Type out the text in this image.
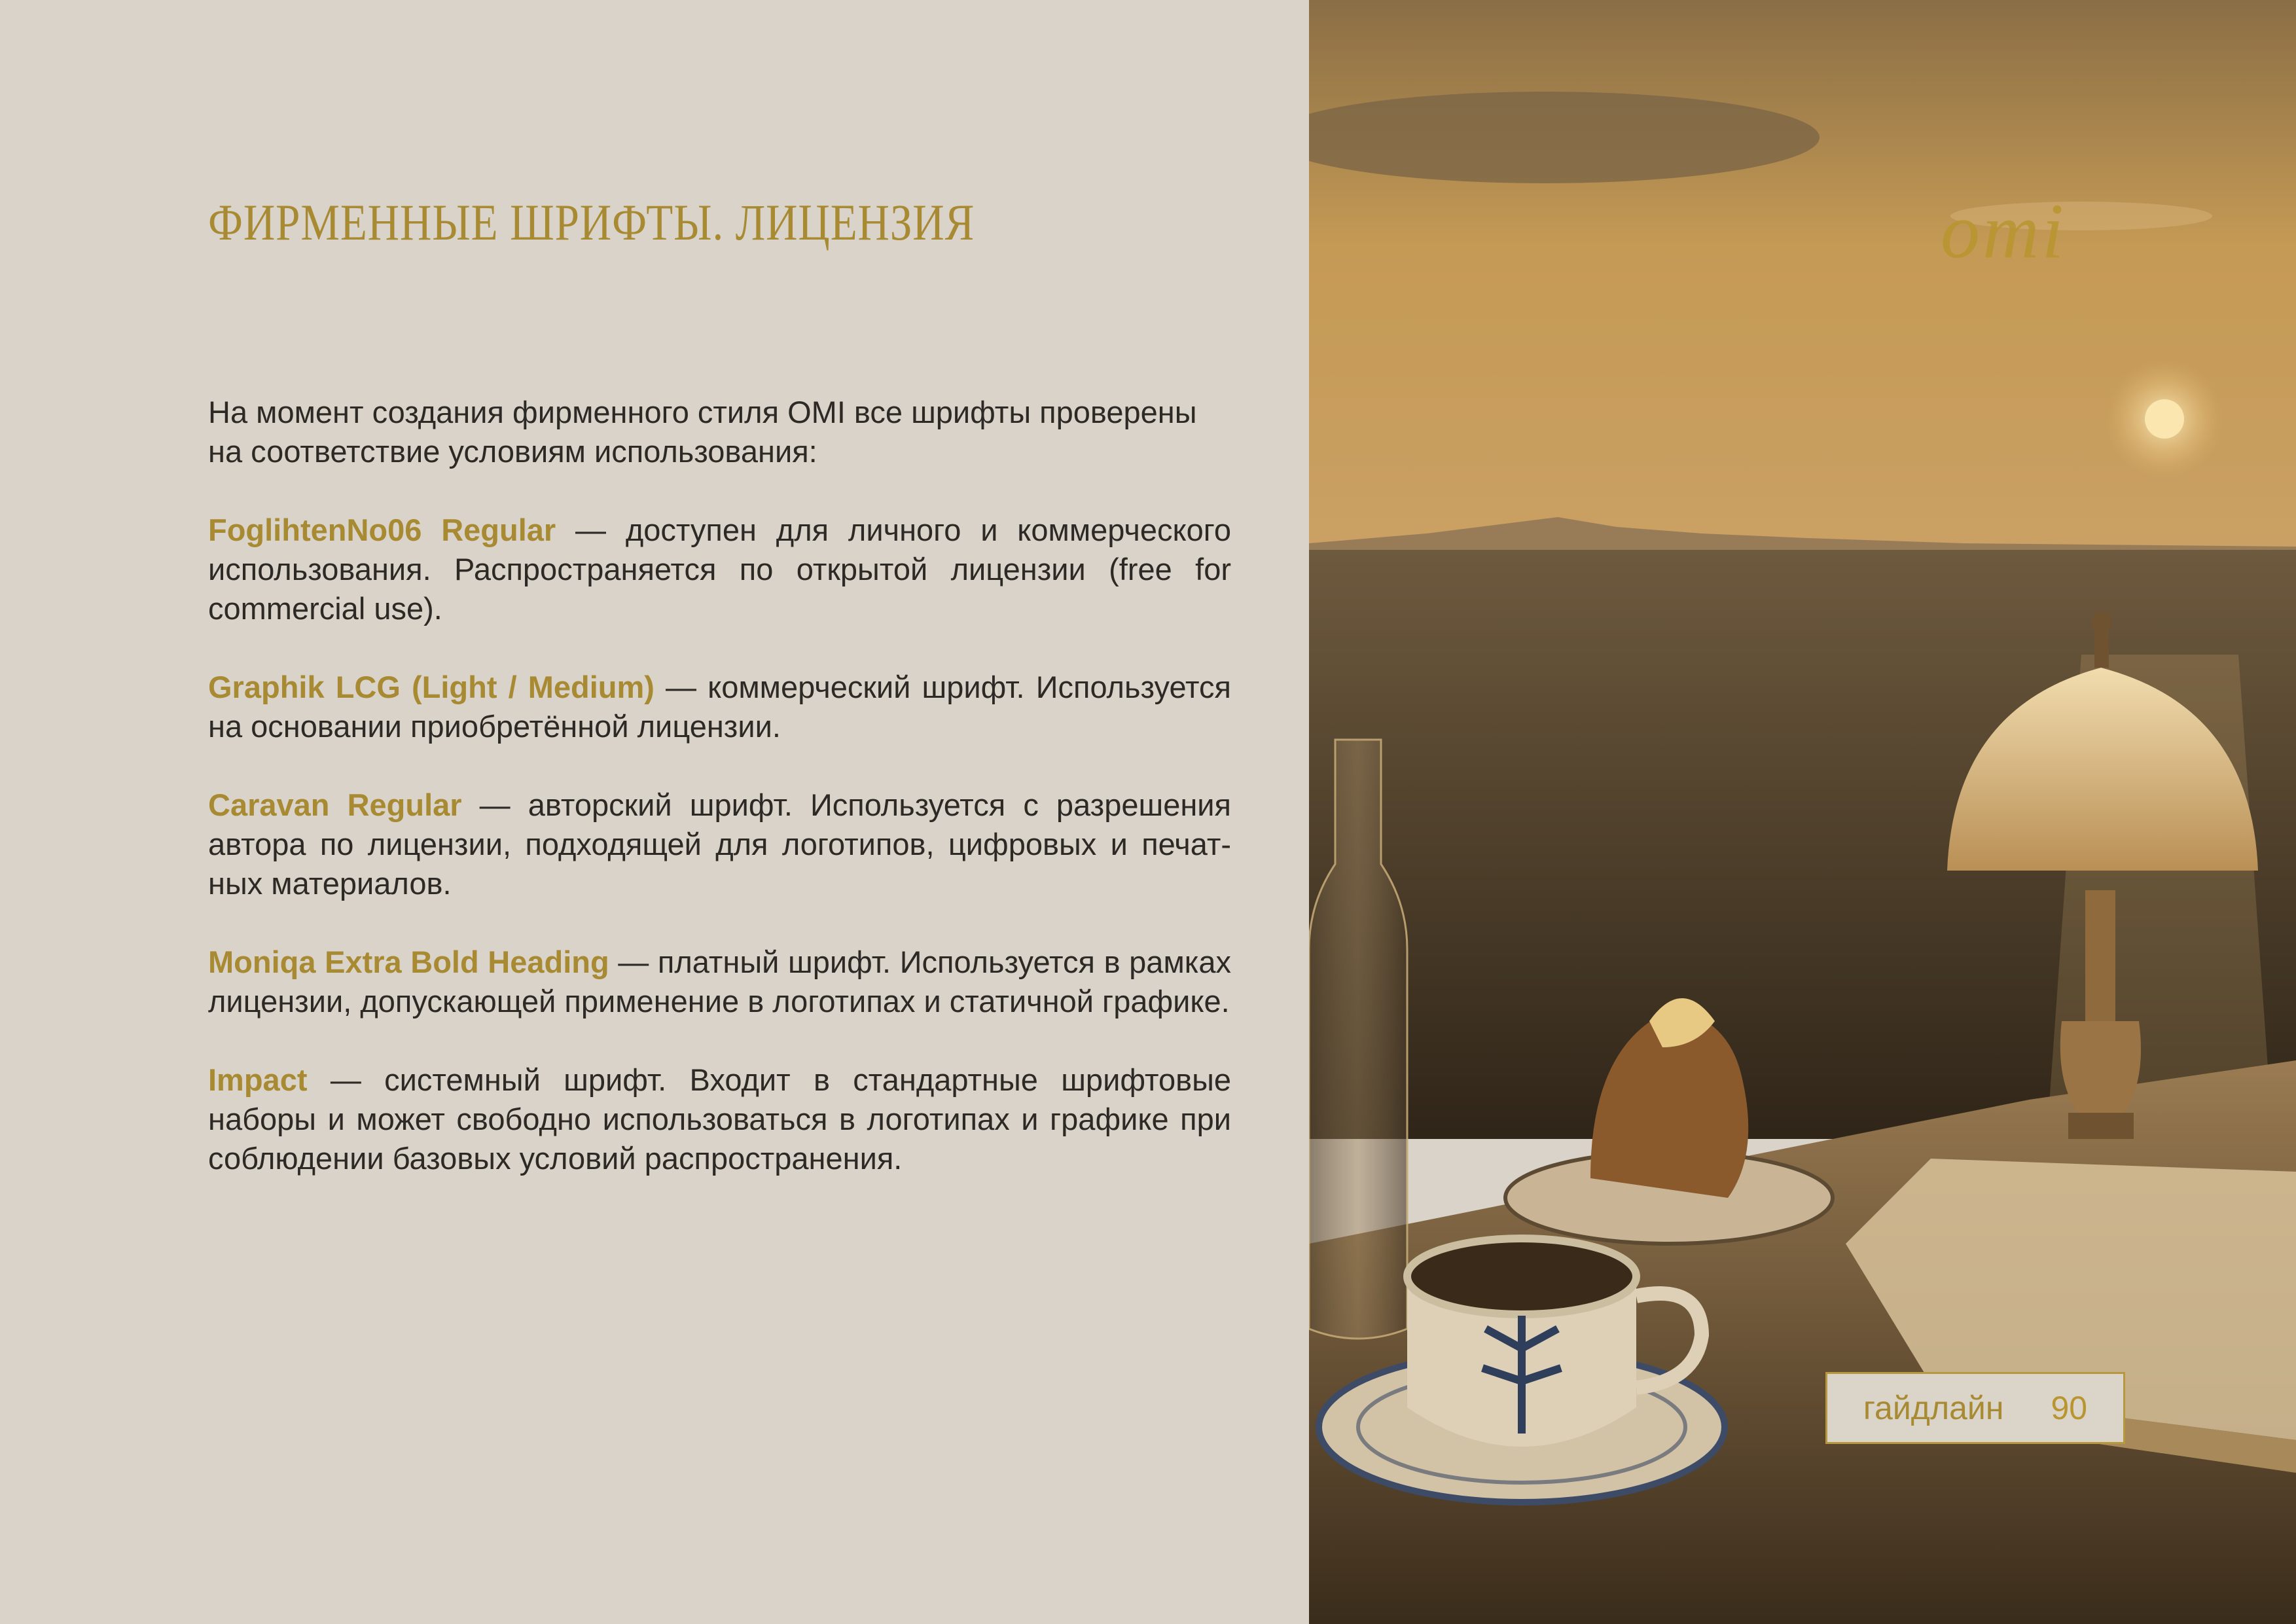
ФИРМЕННЫЕ ШРИФТЫ. ЛИЦЕНЗИЯ

На момент создания фирменного стиля OMI все шрифты проверены на соответствие условиям использования:

FoglihtenNo06 Regular — доступен для личного и коммерческого использования. Распространяется по открытой лицензии (free for commercial use).

Graphik LCG (Light / Medium) — коммерческий шрифт. Используется на основании приобретённой лицензии.

Caravan Regular — авторский шрифт. Используется с разрешения автора по лицензии, подходящей для логотипов, цифровых и печатных материалов.

Moniqa Extra Bold Heading — платный шрифт. Используется в рамках лицензии, допускающей применение в логотипах и статичной графике.

Impact — системный шрифт. Входит в стандартные шрифтовые наборы и может свободно использоваться в логотипах и графике при соблюдении базовых условий распространения.

omi

гайдлайн 90
